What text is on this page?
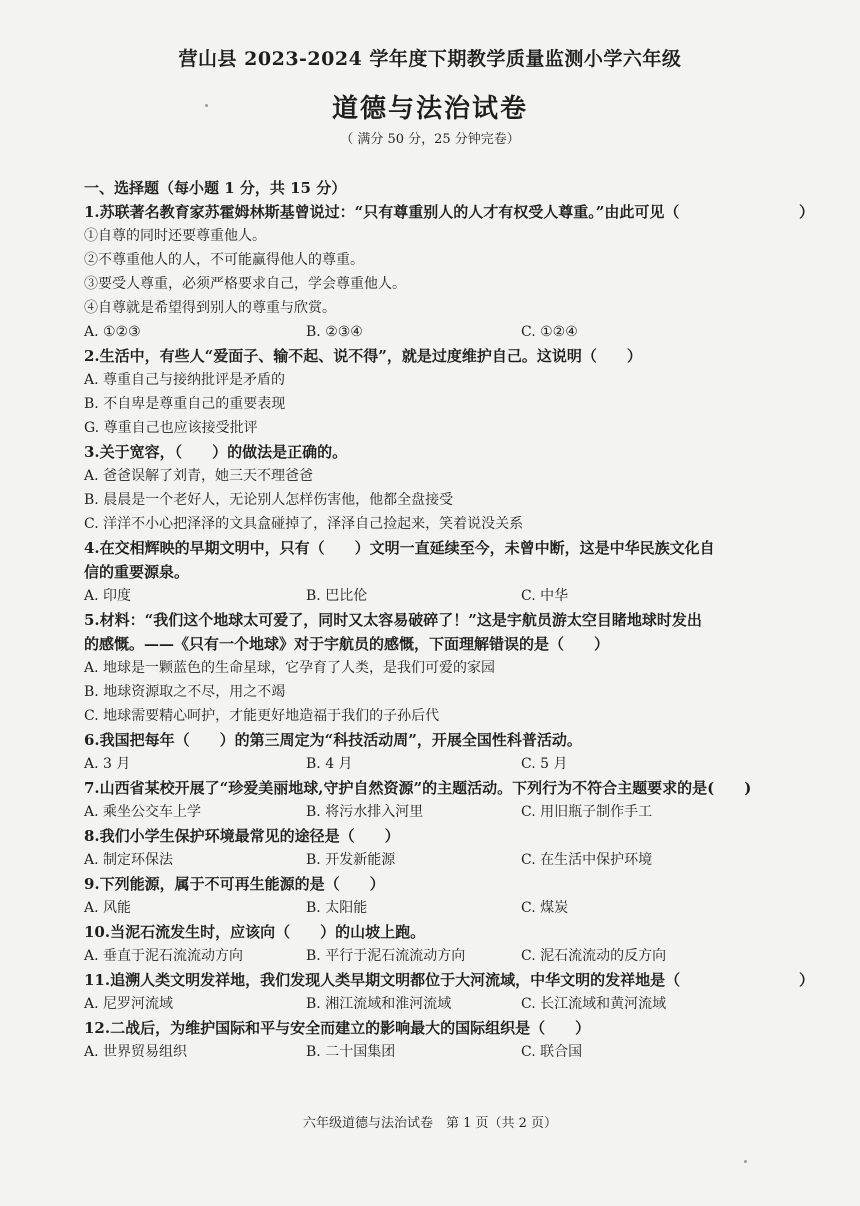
营山县 2023-2024 学年度下期教学质量监测小学六年级
道德与法治试卷
（ 满分 50 分，25 分钟完卷）
一、选择题（每小题 1 分，共 15 分）
1.苏联著名教育家苏霍姆林斯基曾说过：“只有尊重别人的人才有权受人尊重。”由此可见（	）
①自尊的同时还要尊重他人。
②不尊重他人的人，不可能赢得他人的尊重。
③要受人尊重，必须严格要求自己，学会尊重他人。
④自尊就是希望得到别人的尊重与欣赏。
A. ①②③	B. ②③④	C. ①②④
2.生活中，有些人“爱面子、输不起、说不得”，就是过度维护自己。这说明（　　）
A. 尊重自己与接纳批评是矛盾的
B. 不自卑是尊重自己的重要表现
G. 尊重自己也应该接受批评
3.关于宽容，（　　）的做法是正确的。
A. 爸爸误解了刘青，她三天不理爸爸
B. 晨晨是一个老好人，无论别人怎样伤害他，他都全盘接受
C. 洋洋不小心把泽泽的文具盒碰掉了，泽泽自己捡起来，笑着说没关系
4.在交相辉映的早期文明中，只有（　　）文明一直延续至今，未曾中断，这是中华民族文化自
信的重要源泉。
A. 印度	B. 巴比伦	C. 中华
5.材料：“我们这个地球太可爱了，同时又太容易破碎了！”这是宇航员游太空目睹地球时发出
的感慨。——《只有一个地球》对于宇航员的感慨，下面理解错误的是（　　）
A. 地球是一颗蓝色的生命星球，它孕育了人类，是我们可爱的家园
B. 地球资源取之不尽，用之不竭
C. 地球需要精心呵护，才能更好地造福于我们的子孙后代
6.我国把每年（　　）的第三周定为“科技活动周”，开展全国性科普活动。
A. 3 月	B. 4 月	C. 5 月
7.山西省某校开展了“珍爱美丽地球,守护自然资源”的主题活动。下列行为不符合主题要求的是(　　)
A. 乘坐公交车上学	B. 将污水排入河里	C. 用旧瓶子制作手工
8.我们小学生保护环境最常见的途径是（　　）
A. 制定环保法	B. 开发新能源	C. 在生活中保护环境
9.下列能源，属于不可再生能源的是（　　）
A. 风能	B. 太阳能	C. 煤炭
10.当泥石流发生时，应该向（　　）的山坡上跑。
A. 垂直于泥石流流动方向	B. 平行于泥石流流动方向	C. 泥石流流动的反方向
11.追溯人类文明发祥地，我们发现人类早期文明都位于大河流域，中华文明的发祥地是（	）
A. 尼罗河流域	B. 湘江流域和淮河流域	C. 长江流域和黄河流域
12.二战后，为维护国际和平与安全而建立的影响最大的国际组织是（　　）
A. 世界贸易组织	B. 二十国集团	C. 联合国
六年级道德与法治试卷　第 1 页（共 2 页）
